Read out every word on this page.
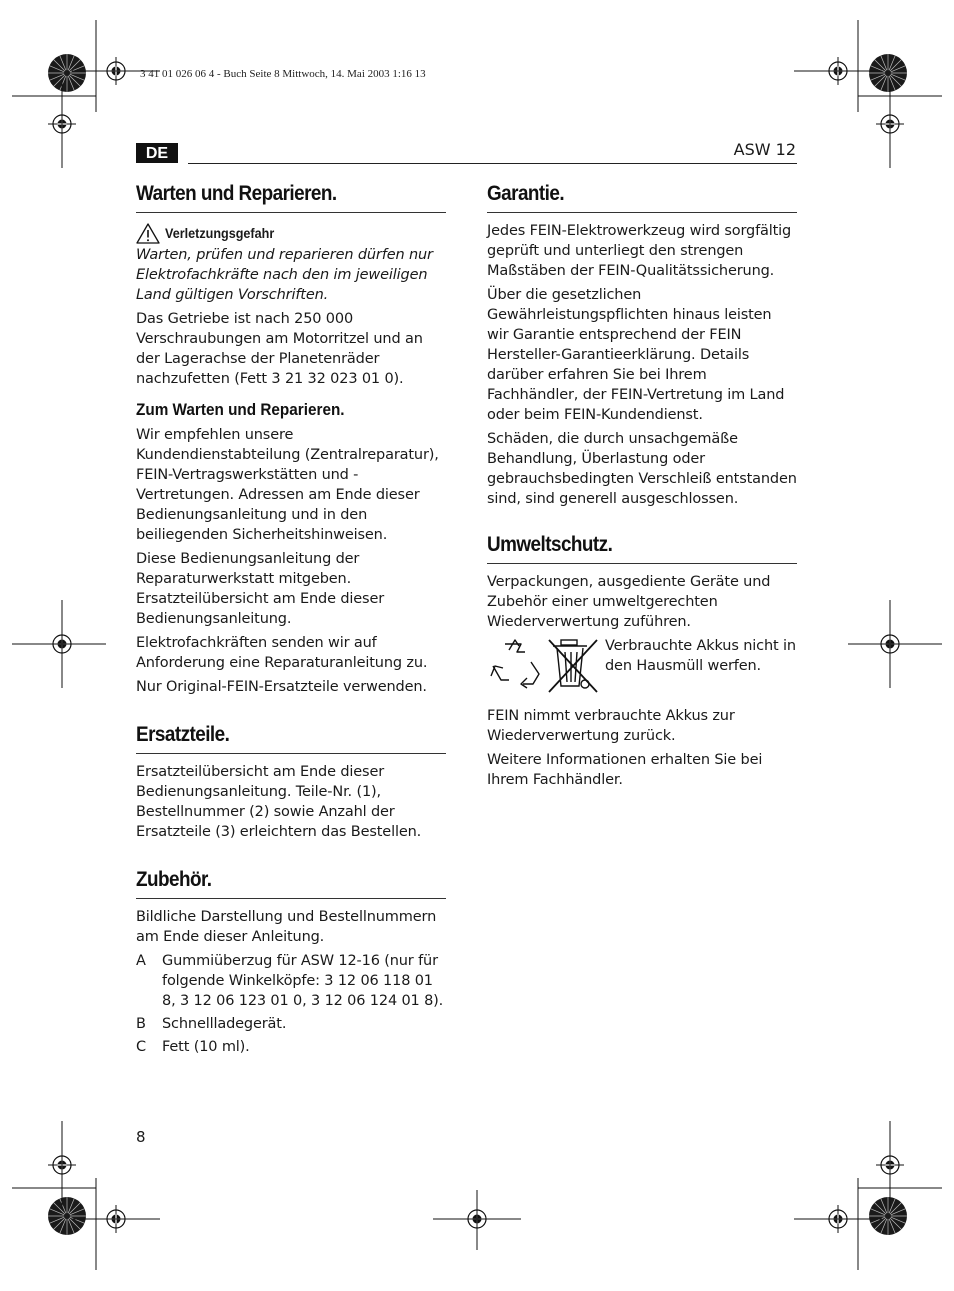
3 41 01 026 06 4 - Buch Seite 8 Mittwoch, 14. Mai 2003 1:16 13
DE	ASW 12
Warten und Reparieren.
Verletzungsgefahr

Warten, prüfen und reparieren dürfen nur Elektrofachkräfte nach den im jeweiligen Land gültigen Vorschriften.

Das Getriebe ist nach 250 000 Verschraubungen am Motorritzel und an der Lagerachse der Planetenräder nachzufetten (Fett 3 21 32 023 01 0).

Zum Warten und Reparieren.

Wir empfehlen unsere Kundendienstabteilung (Zentralreparatur), FEIN-Vertragswerkstätten und -Vertretungen. Adressen am Ende dieser Bedienungsanleitung und in den beiliegenden Sicherheitshinweisen.

Diese Bedienungsanleitung der Reparaturwerkstatt mitgeben. Ersatzteilübersicht am Ende dieser Bedienungsanleitung.

Elektrofachkräften senden wir auf Anforderung eine Reparaturanleitung zu.

Nur Original-FEIN-Ersatzteile verwenden.

Ersatzteile.

Ersatzteilübersicht am Ende dieser Bedienungsanleitung. Teile-Nr. (1), Bestellnummer (2) sowie Anzahl der Ersatzteile (3) erleichtern das Bestellen.

Zubehör.

Bildliche Darstellung und Bestellnummern am Ende dieser Anleitung.

A	Gummiüberzug für ASW 12-16 (nur für folgende Winkelköpfe: 3 12 06 118 01 8, 3 12 06 123 01 0, 3 12 06 124 01 8).
B	Schnellladegerät.
C	Fett (10 ml).
Garantie.

Jedes FEIN-Elektrowerkzeug wird sorgfältig geprüft und unterliegt den strengen Maßstäben der FEIN-Qualitätssicherung.

Über die gesetzlichen Gewährleistungspflichten hinaus leisten wir Garantie entsprechend der FEIN Hersteller-Garantieerklärung. Details darüber erfahren Sie bei Ihrem Fachhändler, der FEIN-Vertretung im Land oder beim FEIN-Kundendienst.

Schäden, die durch unsachgemäße Behandlung, Überlastung oder gebrauchsbedingten Verschleiß entstanden sind, sind generell ausgeschlossen.

Umweltschutz.

Verpackungen, ausgediente Geräte und Zubehör einer umweltgerechten Wiederverwertung zuführen.

Verbrauchte Akkus nicht in den Hausmüll werfen.

FEIN nimmt verbrauchte Akkus zur Wiederverwertung zurück.

Weitere Informationen erhalten Sie bei Ihrem Fachhändler.

8
